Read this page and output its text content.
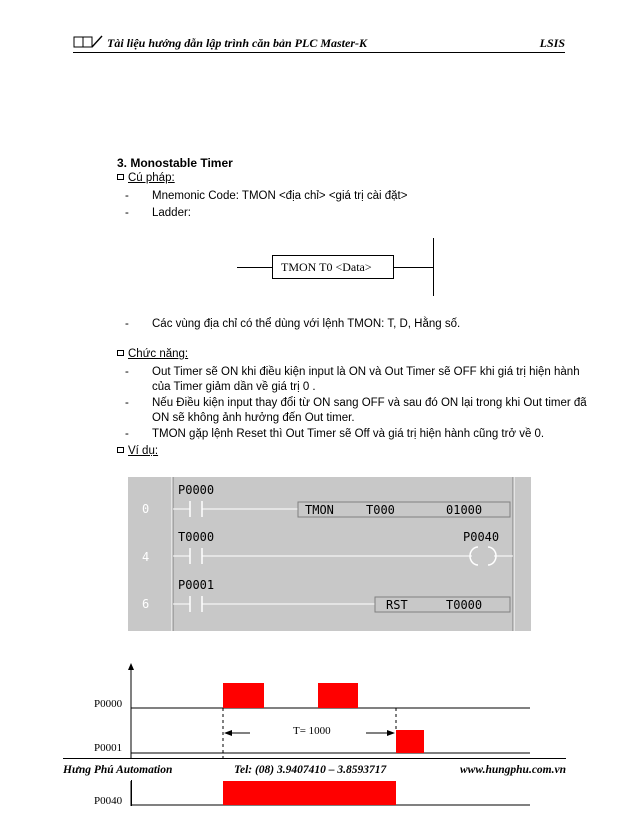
Tài liệu hướng dẫn lập trình căn bản PLC Master-K	LSIS
3. Monostable Timer
Cú pháp:
- Mnemonic Code: TMON <địa chỉ> <giá trị cài đặt>
- Ladder:
TMON T0 <Data>
- Các vùng địa chỉ có thể dùng với lệnh TMON: T, D, Hằng số.
Chức năng:
- Out Timer sẽ ON khi điều kiện input là ON và Out Timer sẽ OFF khi giá trị hiện hành
của Timer giảm dần về giá trị 0 .
- Nếu Điều kiện input thay đổi từ ON sang OFF và sau đó ON lại trong khi Out timer đã
ON sẽ không ảnh hưởng đến Out timer.
- TMON gặp lệnh Reset thì Out Timer sẽ Off và giá trị hiện hành cũng trở về 0.
Ví dụ:
0
P0000
TMON	T000	01000
4
T0000	P0040
6
P0001
RST	T0000
P0000
P0001
P0040
T= 1000
Hưng Phú Automation	Tel: (08) 3.9407410 – 3.8593717	www.hungphu.com.vn
